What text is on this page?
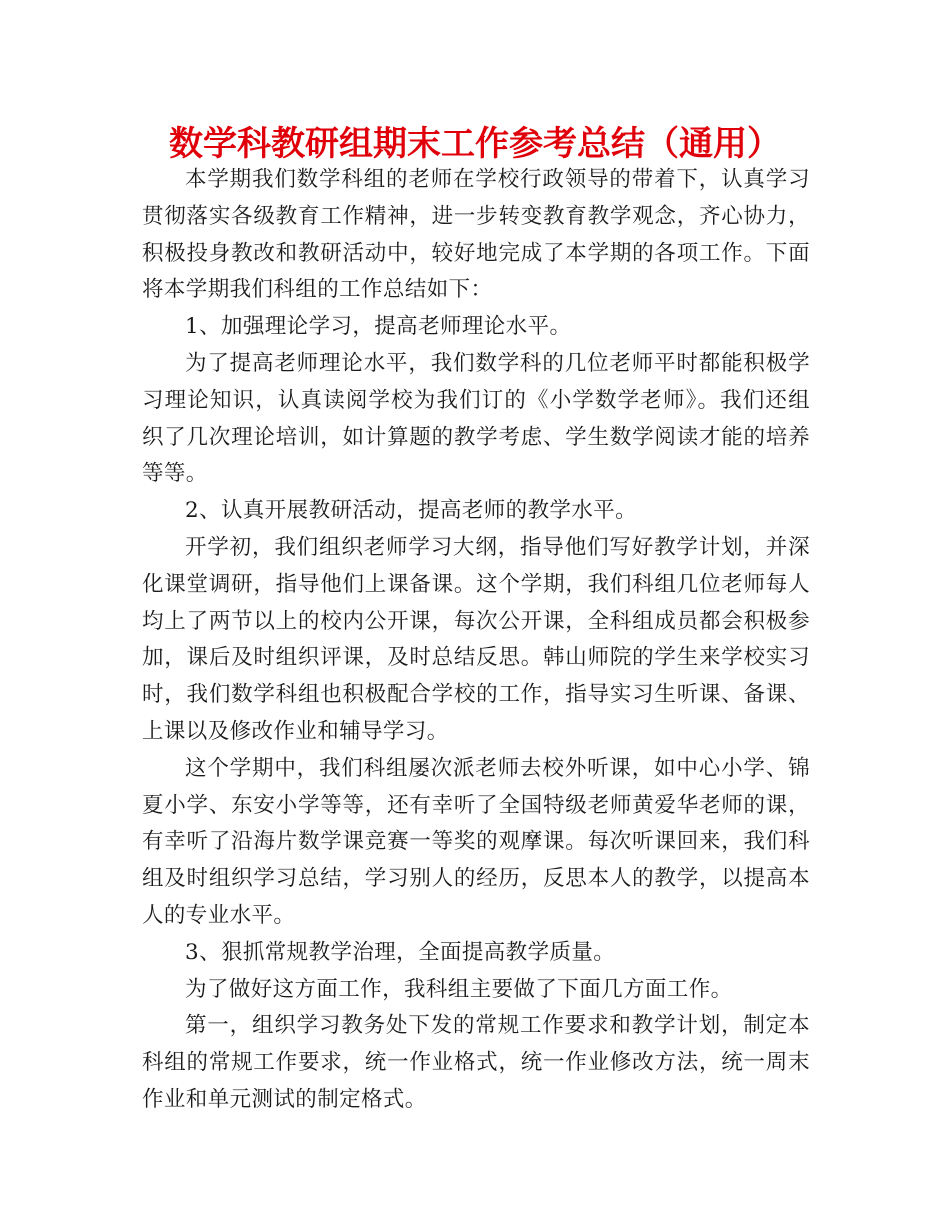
数学科教研组期末工作参考总结（通用）

本学期我们数学科组的老师在学校行政领导的带着下，认真学习贯彻落实各级教育工作精神，进一步转变教育教学观念，齐心协力，积极投身教改和教研活动中，较好地完成了本学期的各项工作。下面将本学期我们科组的工作总结如下：

1、加强理论学习，提高老师理论水平。

为了提高老师理论水平，我们数学科的几位老师平时都能积极学习理论知识，认真读阅学校为我们订的《小学数学老师》。我们还组织了几次理论培训，如计算题的教学考虑、学生数学阅读才能的培养等等。

2、认真开展教研活动，提高老师的教学水平。

开学初，我们组织老师学习大纲，指导他们写好教学计划，并深化课堂调研，指导他们上课备课。这个学期，我们科组几位老师每人均上了两节以上的校内公开课，每次公开课，全科组成员都会积极参加，课后及时组织评课，及时总结反思。韩山师院的学生来学校实习时，我们数学科组也积极配合学校的工作，指导实习生听课、备课、上课以及修改作业和辅导学习。

这个学期中，我们科组屡次派老师去校外听课，如中心小学、锦夏小学、东安小学等等，还有幸听了全国特级老师黄爱华老师的课，有幸听了沿海片数学课竞赛一等奖的观摩课。每次听课回来，我们科组及时组织学习总结，学习别人的经历，反思本人的教学，以提高本人的专业水平。

3、狠抓常规教学治理，全面提高教学质量。

为了做好这方面工作，我科组主要做了下面几方面工作。

第一，组织学习教务处下发的常规工作要求和教学计划，制定本科组的常规工作要求，统一作业格式，统一作业修改方法，统一周末作业和单元测试的制定格式。
